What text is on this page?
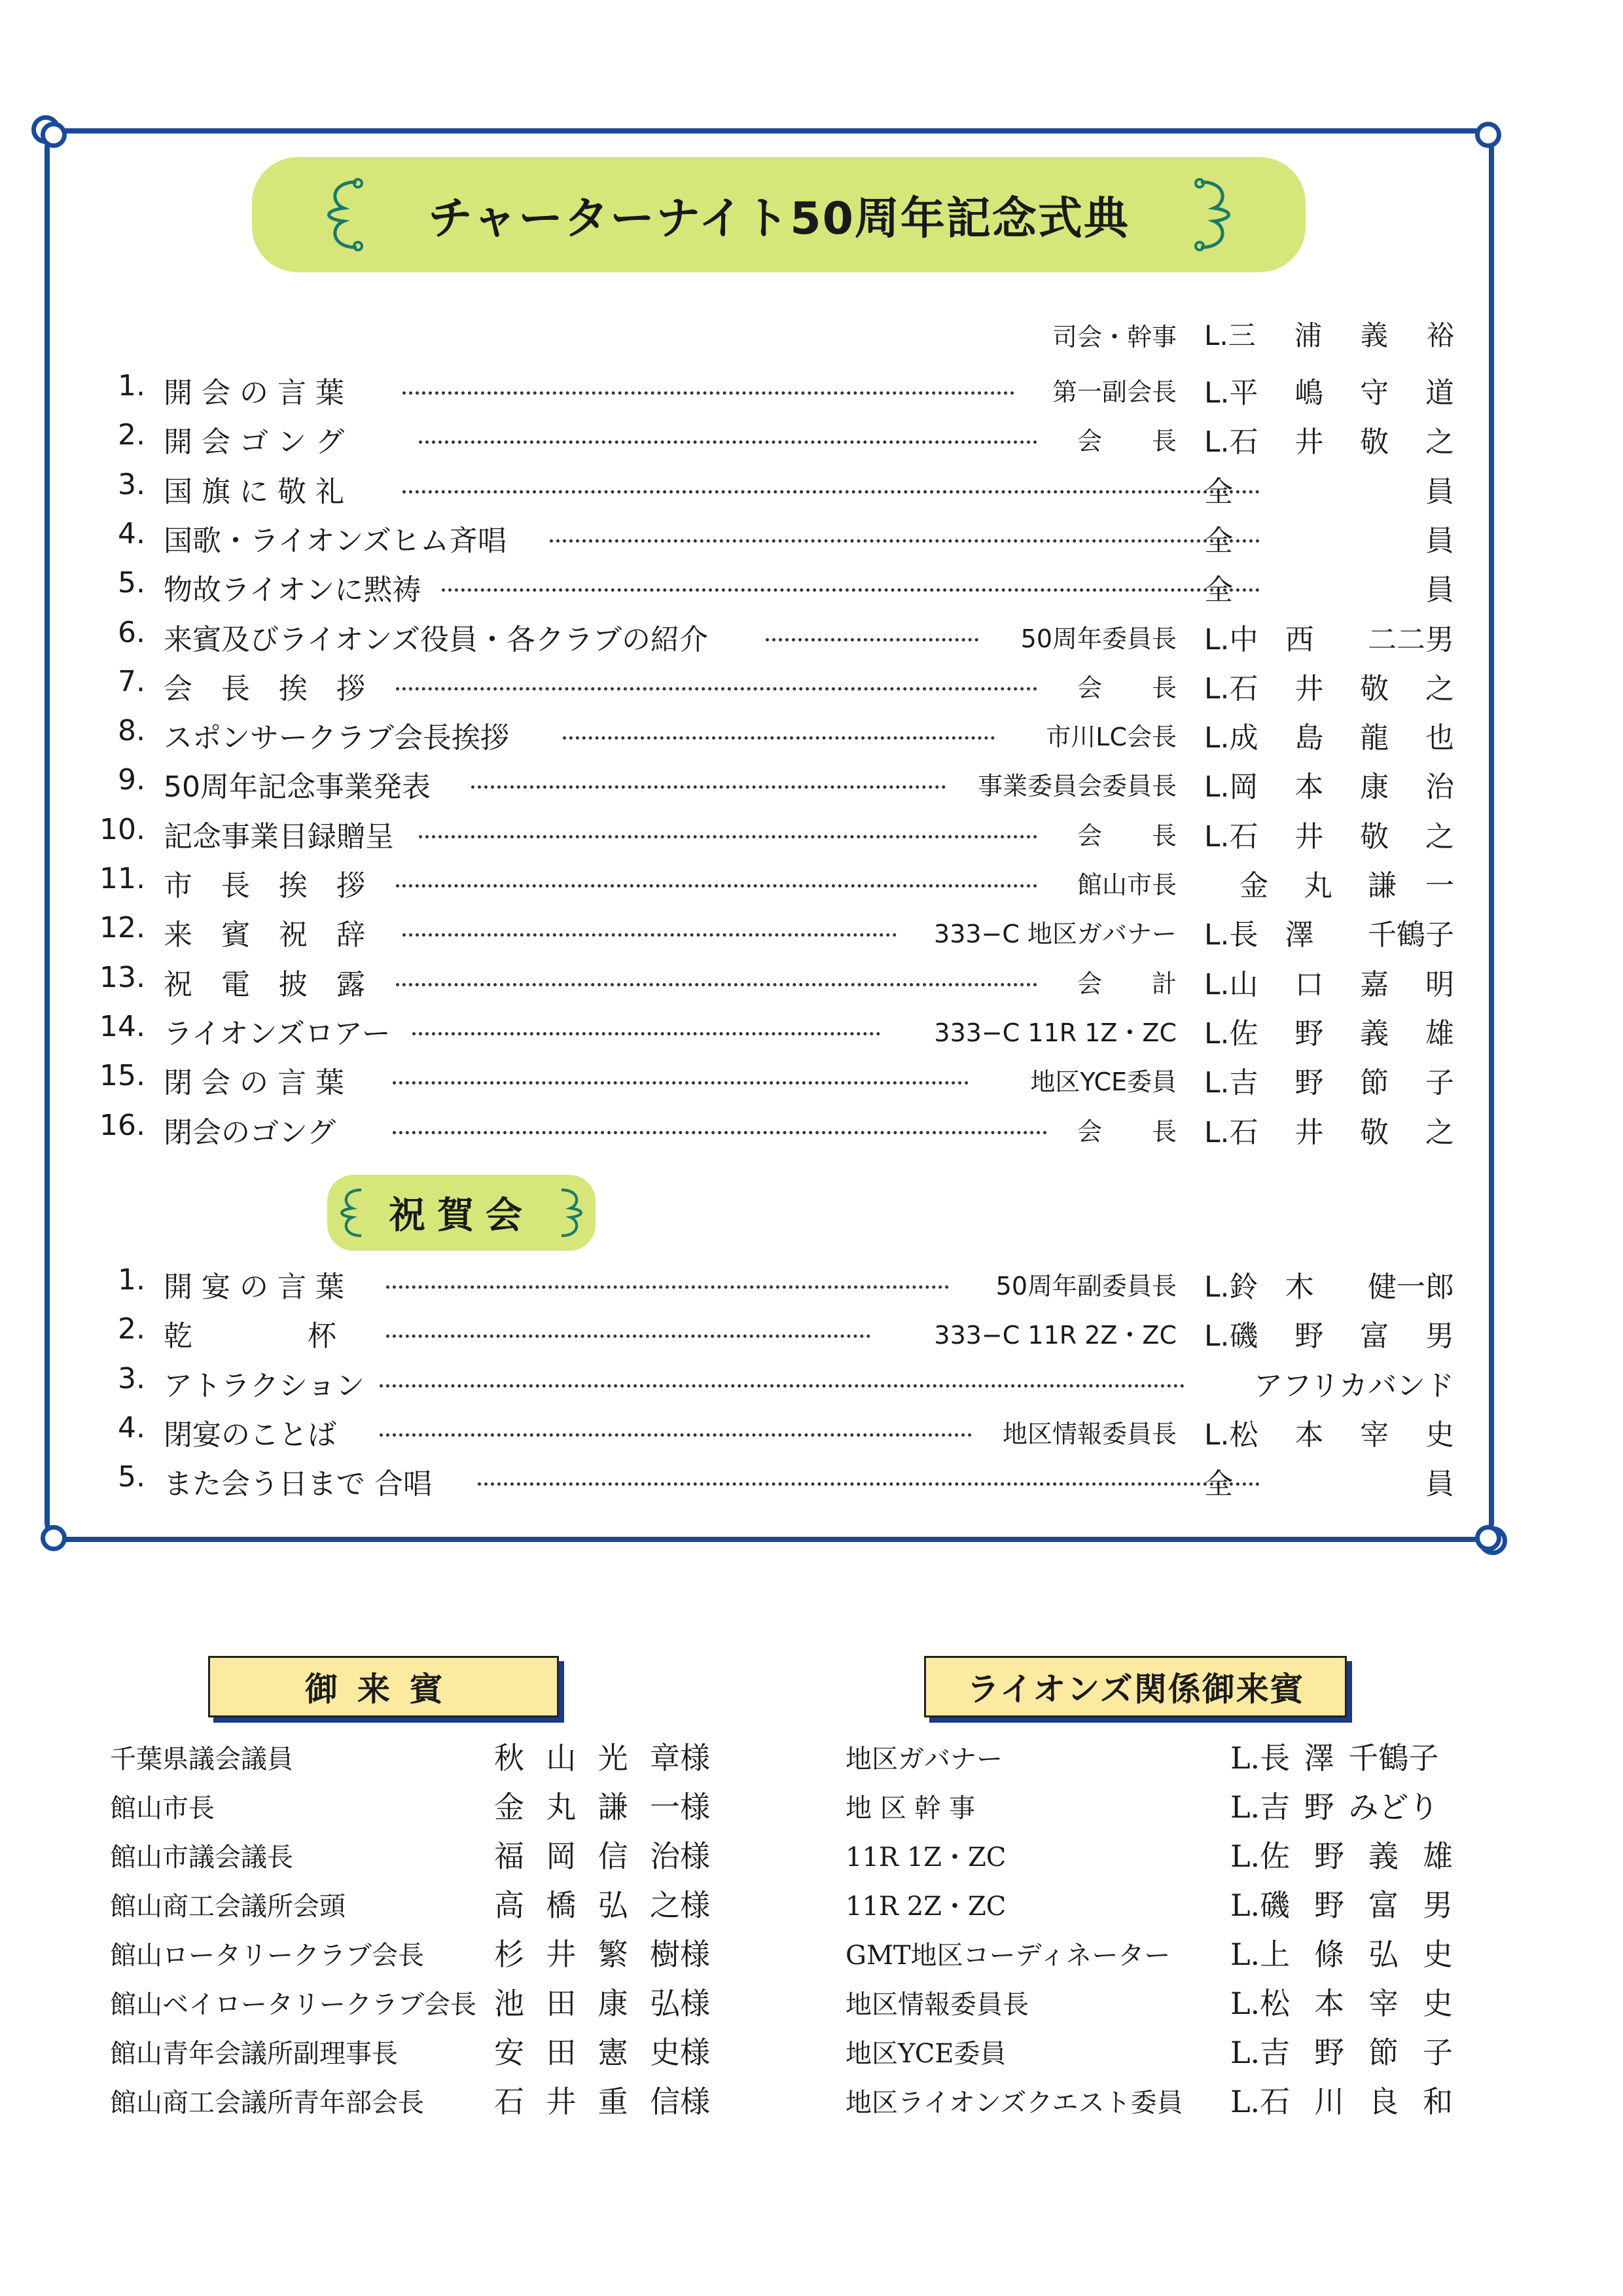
チャーターナイト50周年記念式典
司会・幹事 L.三 浦 義 裕
1. 開 会 の 言 葉	第一副会長 L.平 嶋 守 道
2. 開 会 ゴ ン グ	会　　長 L.石 井 敬 之
3. 国 旗 に 敬 礼	全	員
4. 国歌・ライオンズヒム斉唱	全	員
5. 物故ライオンに黙祷	全	員
6. 来賓及びライオンズ役員・各クラブの紹介	50周年委員長 L.中 西 二二男
7. 会　長　挨　拶	会　　長 L.石 井 敬 之
8. スポンサークラブ会長挨拶	市川LC会長 L.成 島 龍 也
9. 50周年記念事業発表	事業委員会委員長 L.岡 本 康 治
10. 記念事業目録贈呈	会　　長 L.石 井 敬 之
11. 市　長　挨　拶	館山市長 金 丸 謙　一
12. 来　賓　祝　辞	333−C 地区ガバナー L.長 澤 千鶴子
13. 祝　電　披　露	会　　計 L.山 口 嘉 明
14. ライオンズロアー	333−C 11R 1Z・ZC L.佐 野 義 雄
15. 閉 会 の 言 葉	地区YCE委員 L.吉 野 節 子
16. 閉会のゴング	会　　長 L.石 井 敬 之
祝賀会
1. 開 宴 の 言 葉	50周年副委員長 L.鈴 木 健一郎
2. 乾　　　　杯	333−C 11R 2Z・ZC L.磯 野 富 男
3. アトラクション	アフリカバンド
4. 閉宴のことば	地区情報委員長 L.松 本 宰 史
5. また会う日まで 合唱	全	員
御来賓	ライオンズ関係御来賓
千葉県議会議員	秋 山 光 章様
館山市長	金 丸 謙 一様
館山市議会議長	福 岡 信 治様
館山商工会議所会頭	高 橋 弘 之様
館山ロータリークラブ会長 杉 井 繁 樹様
館山ベイロータリークラブ会長 池 田 康 弘様
館山青年会議所副理事長	安 田 憲 史様
館山商工会議所青年部会長 石 井 重 信様
地区ガバナー	L.長 澤 千鶴子
地 区 幹 事	L.吉 野 みどり
11R 1Z・ZC	L.佐 野 義 雄
11R 2Z・ZC	L.磯 野 富 男
GMT地区コーディネーター L.上 條 弘 史
地区情報委員長	L.松 本 宰 史
地区YCE委員	L.吉 野 節 子
地区ライオンズクエスト委員 L.石 川 良 和
